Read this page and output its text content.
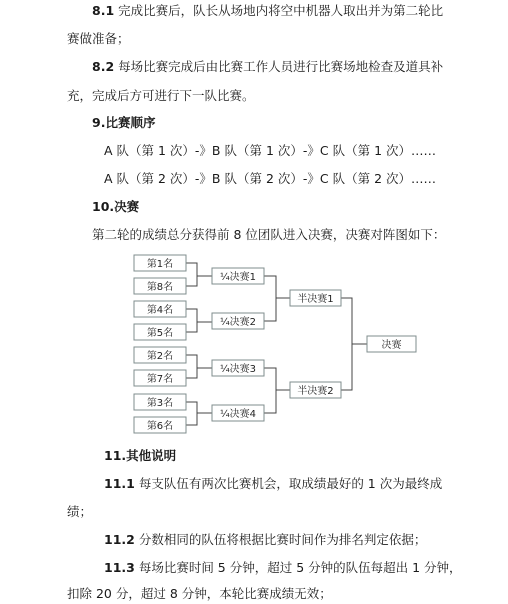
8.1 完成比赛后，队长从场地内将空中机器人取出并为第二轮比
赛做准备；
8.2 每场比赛完成后由比赛工作人员进行比赛场地检查及道具补
充，完成后方可进行下一队比赛。
9.比赛顺序
A 队（第 1 次）-》B 队（第 1 次）-》C 队（第 1 次）……
A 队（第 2 次）-》B 队（第 2 次）-》C 队（第 2 次）……
10.决赛
第二轮的成绩总分获得前 8 位团队进入决赛，决赛对阵图如下：
第1名
第8名
第4名
第5名
第2名
第7名
第3名
第6名
¼决赛1
¼决赛2
¼决赛3
¼决赛4
半决赛1
半决赛2
决赛
11.其他说明
11.1 每支队伍有两次比赛机会，取成绩最好的 1 次为最终成
绩；
11.2 分数相同的队伍将根据比赛时间作为排名判定依据；
11.3 每场比赛时间 5 分钟，超过 5 分钟的队伍每超出 1 分钟，
扣除 20 分，超过 8 分钟，本轮比赛成绩无效；
